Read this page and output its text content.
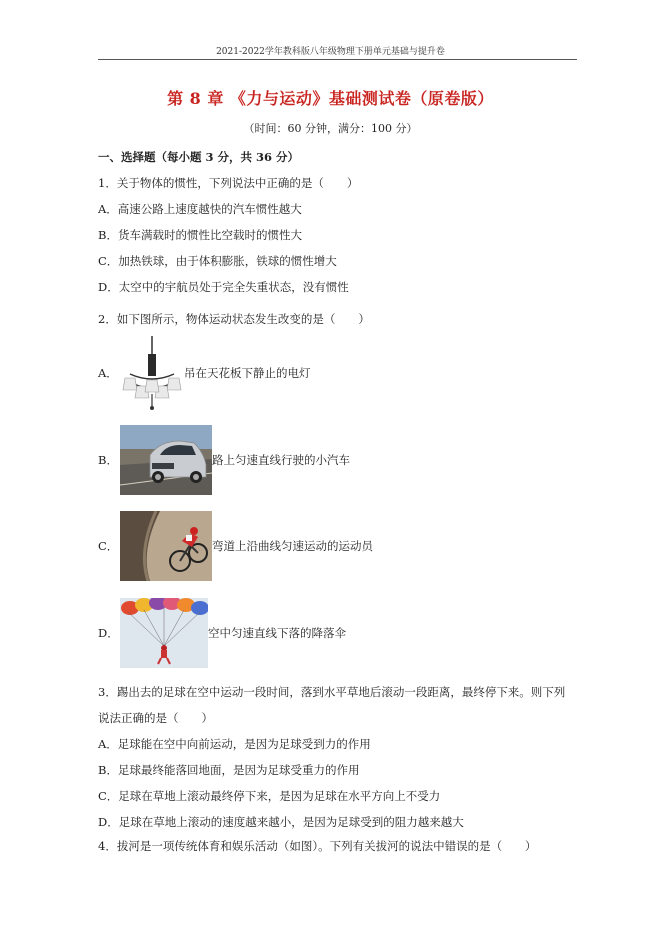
2021-2022学年教科版八年级物理下册单元基础与提升卷
第 8 章 《力与运动》基础测试卷（原卷版）
（时间：60 分钟，满分：100 分）
一、选择题（每小题 3 分，共 36 分）
1．关于物体的惯性，下列说法中正确的是（　　）
A．高速公路上速度越快的汽车惯性越大
B．货车满载时的惯性比空载时的惯性大
C．加热铁球，由于体积膨胀，铁球的惯性增大
D．太空中的宇航员处于完全失重状态，没有惯性
2．如下图所示，物体运动状态发生改变的是（　　）
A．	吊在天花板下静止的电灯
B．	路上匀速直线行驶的小汽车
C．	弯道上沿曲线匀速运动的运动员
D．	空中匀速直线下落的降落伞
3．踢出去的足球在空中运动一段时间，落到水平草地后滚动一段距离，最终停下来。则下列
说法正确的是（　　）
A．足球能在空中向前运动，是因为足球受到力的作用
B．足球最终能落回地面，是因为足球受重力的作用
C．足球在草地上滚动最终停下来，是因为足球在水平方向上不受力
D．足球在草地上滚动的速度越来越小，是因为足球受到的阻力越来越大
4．拔河是一项传统体育和娱乐活动（如图）。下列有关拔河的说法中错误的是（　　）
